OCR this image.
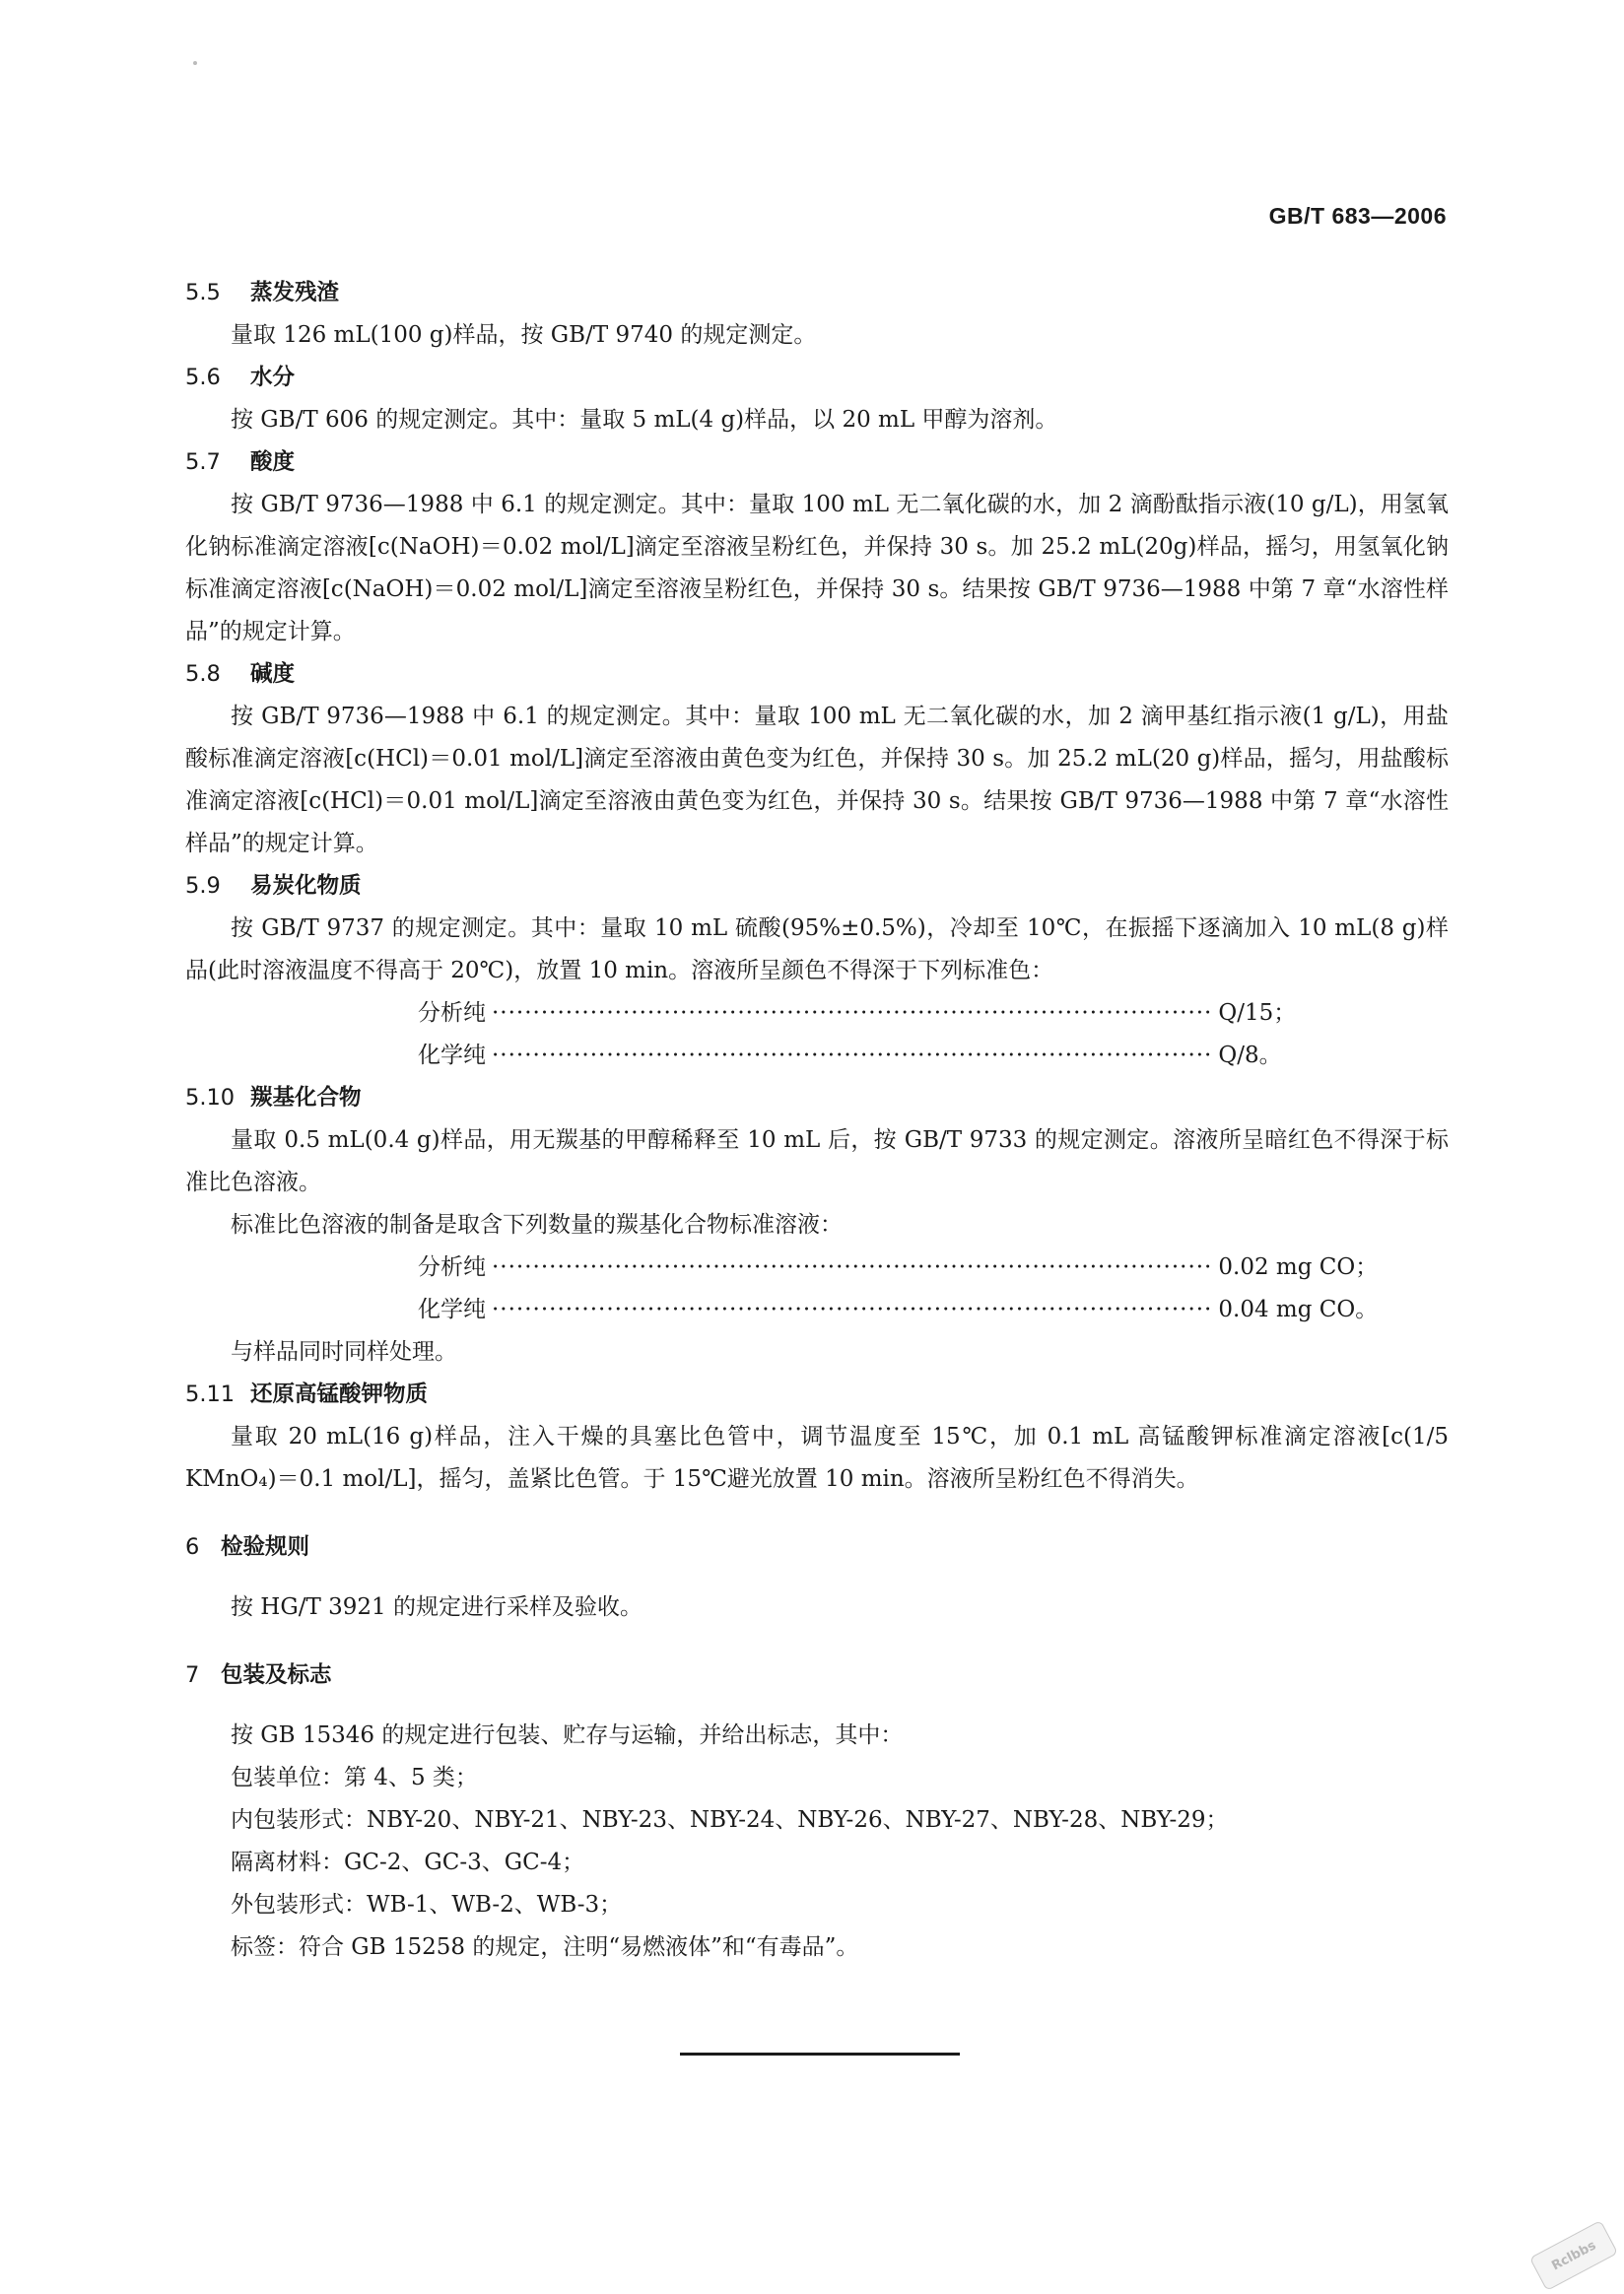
GB/T 683—2006
5.5 蒸发残渣

量取 126 mL(100 g)样品，按 GB/T 9740 的规定测定。

5.6 水分

按 GB/T 606 的规定测定。其中：量取 5 mL(4 g)样品，以 20 mL 甲醇为溶剂。

5.7 酸度

按 GB/T 9736—1988 中 6.1 的规定测定。其中：量取 100 mL 无二氧化碳的水，加 2 滴酚酞指示液(10 g/L)，用氢氧化钠标准滴定溶液[c(NaOH)＝0.02 mol/L]滴定至溶液呈粉红色，并保持 30 s。加 25.2 mL(20g)样品，摇匀，用氢氧化钠标准滴定溶液[c(NaOH)＝0.02 mol/L]滴定至溶液呈粉红色，并保持 30 s。结果按 GB/T 9736—1988 中第 7 章“水溶性样品”的规定计算。

5.8 碱度

按 GB/T 9736—1988 中 6.1 的规定测定。其中：量取 100 mL 无二氧化碳的水，加 2 滴甲基红指示液(1 g/L)，用盐酸标准滴定溶液[c(HCl)＝0.01 mol/L]滴定至溶液由黄色变为红色，并保持 30 s。加 25.2 mL(20 g)样品，摇匀，用盐酸标准滴定溶液[c(HCl)＝0.01 mol/L]滴定至溶液由黄色变为红色，并保持 30 s。结果按 GB/T 9736—1988 中第 7 章“水溶性样品”的规定计算。

5.9 易炭化物质

按 GB/T 9737 的规定测定。其中：量取 10 mL 硫酸(95%±0.5%)，冷却至 10℃，在振摇下逐滴加入 10 mL(8 g)样品(此时溶液温度不得高于 20℃)，放置 10 min。溶液所呈颜色不得深于下列标准色：

分析纯 ························································································ Q/15；
化学纯 ························································································ Q/8。
5.10 羰基化合物

量取 0.5 mL(0.4 g)样品，用无羰基的甲醇稀释至 10 mL 后，按 GB/T 9733 的规定测定。溶液所呈暗红色不得深于标准比色溶液。

标准比色溶液的制备是取含下列数量的羰基化合物标准溶液：

分析纯 ························································································ 0.02 mg CO；
化学纯 ························································································ 0.04 mg CO。

与样品同时同样处理。

5.11 还原高锰酸钾物质

量取 20 mL(16 g)样品，注入干燥的具塞比色管中，调节温度至 15℃，加 0.1 mL 高锰酸钾标准滴定溶液[c(1/5 KMnO₄)＝0.1 mol/L]，摇匀，盖紧比色管。于 15℃避光放置 10 min。溶液所呈粉红色不得消失。

6 检验规则

按 HG/T 3921 的规定进行采样及验收。

7 包装及标志

按 GB 15346 的规定进行包装、贮存与运输，并给出标志，其中：

包装单位：第 4、5 类；

内包装形式：NBY-20、NBY-21、NBY-23、NBY-24、NBY-26、NBY-27、NBY-28、NBY-29；

隔离材料：GC-2、GC-3、GC-4；

外包装形式：WB-1、WB-2、WB-3；

标签：符合 GB 15258 的规定，注明“易燃液体”和“有毒品”。

Rclbbs
